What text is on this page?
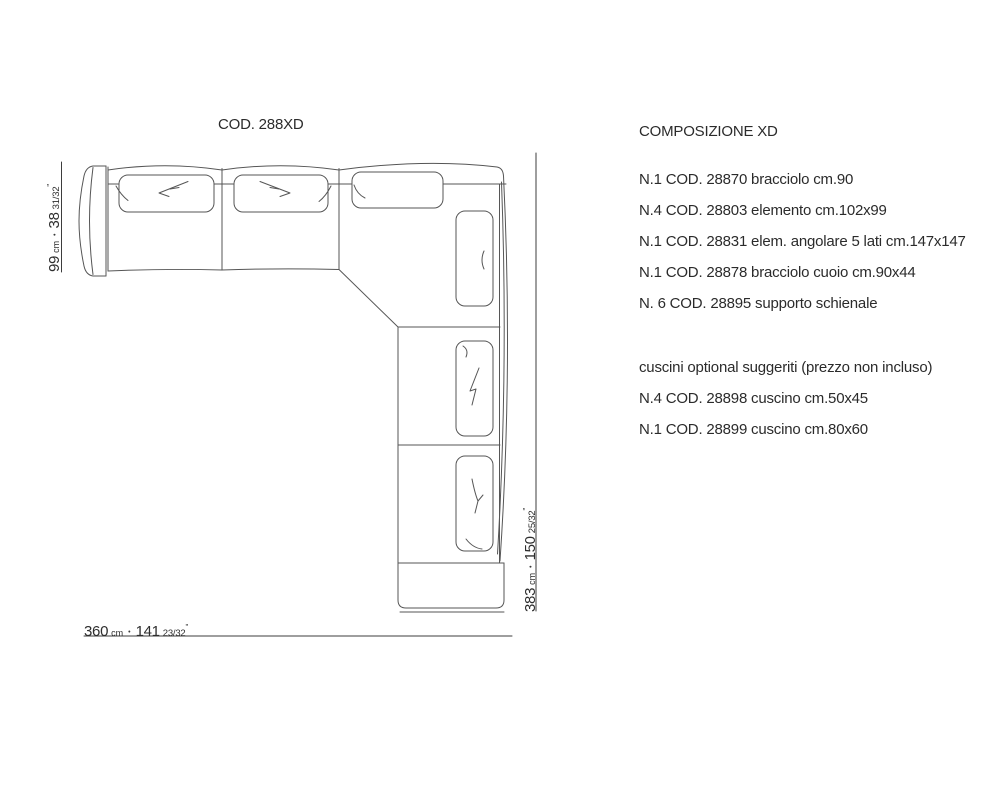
COD. 288XD
99cm•3831/32"
360 cm • 141 23/32"
383cm•15025/32"
COMPOSIZIONE XD
N.1 COD. 28870 bracciolo cm.90
N.4 COD. 28803 elemento cm.102x99
N.1 COD. 28831 elem. angolare 5 lati cm.147x147
N.1 COD. 28878 bracciolo cuoio cm.90x44
N. 6 COD. 28895 supporto schienale
cuscini optional suggeriti (prezzo non incluso)
N.4 COD. 28898 cuscino cm.50x45
N.1 COD. 28899 cuscino cm.80x60
